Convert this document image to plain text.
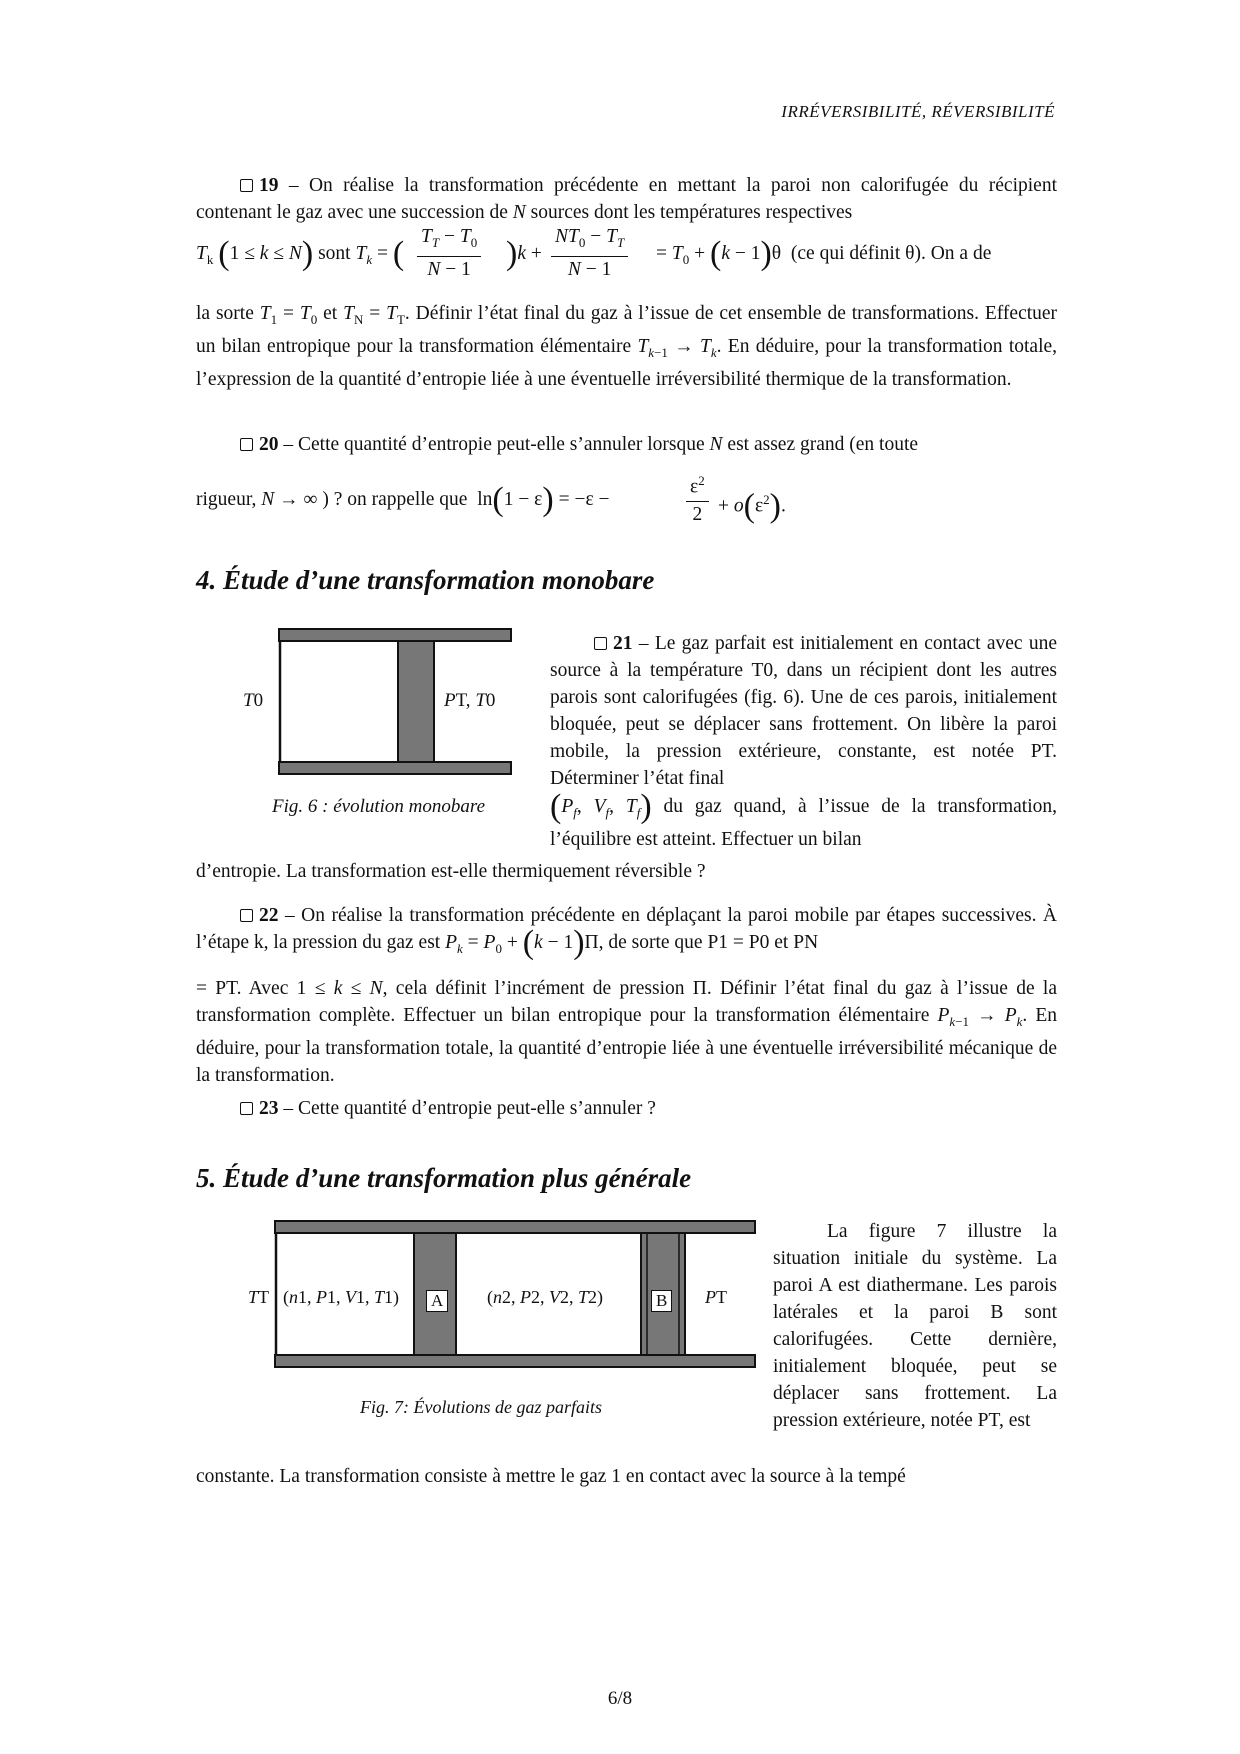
IRRÉVERSIBILITÉ, RÉVERSIBILITÉ
19 – On réalise la transformation précédente en mettant la paroi non calorifugée du récipient contenant le gaz avec une succession de N sources dont les températures respectives
$T_k$ (1 ≤ k ≤ N) sont $T_k$ = ( $\frac{T_T - T_0}{N - 1} )k + \frac{NT_0 - T_T}{N - 1} = T_0 + (k - 1)\theta$  (ce qui définit θ). On a de
la sorte $T_1 = T_0$ et $T_N = T_T$. Définir l’état final du gaz à l’issue de cet ensemble de transformations. Effectuer un bilan entropique pour la transformation élémentaire $T_{k-1} \to T_k$. En déduire, pour la transformation totale, l’expression de la quantité d’entropie liée à une éventuelle irréversibilité thermique de la transformation.
20 – Cette quantité d’entropie peut-elle s’annuler lorsque N est assez grand (en toute
rigueur, N → ∞ ) ? on rappelle que  ln(1 − ε) = −ε −	$\frac{\varepsilon^2}{2} + o(\varepsilon^2)$.
4. Étude d’une transformation monobare
T0	PT, T0
Fig. 6 : évolution monobare
21 – Le gaz parfait est initialement en contact avec une source à la température T0, dans un récipient dont les autres parois sont calorifugées (fig. 6). Une de ces parois, initialement bloquée, peut se déplacer sans frottement. On libère la paroi mobile, la pression extérieure, constante, est notée PT. Déterminer l’état final
($P_f$, $V_f$, $T_f$) du gaz quand, à l’issue de la transformation, l’équilibre est atteint. Effectuer un bilan
d’entropie. La transformation est-elle thermiquement réversible ?
22 – On réalise la transformation précédente en déplaçant la paroi mobile par étapes successives. À l’étape k, la pression du gaz est $P_k = P_0 + (k - 1)\Pi$, de sorte que P1 = P0 et PN
= PT. Avec 1 ≤ k ≤ N, cela définit l’incrément de pression Π. Définir l’état final du gaz à l’issue de la transformation complète. Effectuer un bilan entropique pour la transformation élémentaire $P_{k-1} \to P_k$. En déduire, pour la transformation totale, la quantité d’entropie liée à une éventuelle irréversibilité mécanique de la transformation.
23 – Cette quantité d’entropie peut-elle s’annuler ?
5. Étude d’une transformation plus générale
TT (n1, P1, V1, T1) A (n2, P2, V2, T2)	B PT
Fig. 7: Évolutions de gaz parfaits
La figure 7 illustre la situation initiale du système. La paroi A est diathermane. Les parois latérales et la paroi B sont calorifugées. Cette dernière, initialement bloquée, peut se déplacer sans frottement. La pression extérieure, notée PT, est
constante. La transformation consiste à mettre le gaz 1 en contact avec la source à la tempé
6/8
